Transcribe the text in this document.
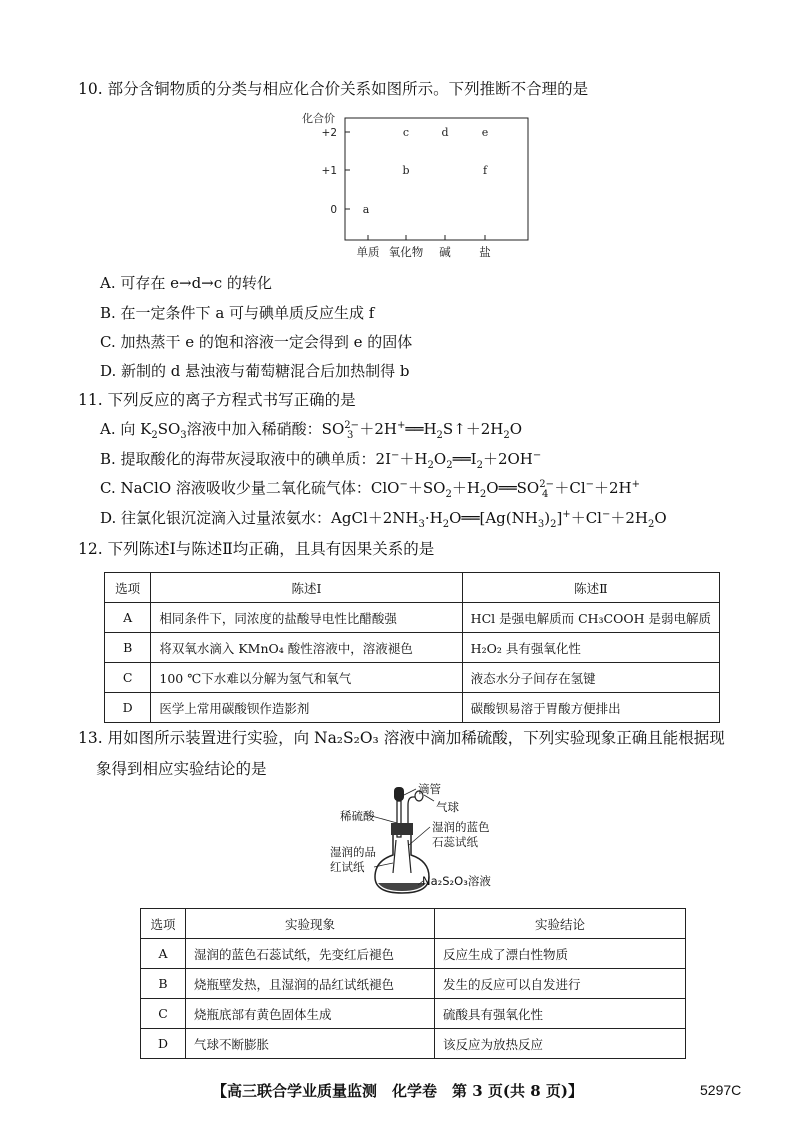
10. 部分含铜物质的分类与相应化合价关系如图所示。下列推断不合理的是
化合价
+2
+1
0
单质 氧化物 碱 盐
a
b
c	d	e
f
A. 可存在 e→d→c 的转化
B. 在一定条件下 a 可与碘单质反应生成 f
C. 加热蒸干 e 的饱和溶液一定会得到 e 的固体
D. 新制的 d 悬浊液与葡萄糖混合后加热制得 b
11. 下列反应的离子方程式书写正确的是
A. 向 $K_2SO_3$溶液中加入稀硝酸：$SO^{2-}_3$ $+2H^+══H_2S↑+2H_2O$
B. 提取酸化的海带灰浸取液中的碘单质：$2I^-+H_2O_2══I_2+2OH^-$
C. NaClO 溶液吸收少量二氧化硫气体：$ClO^-+SO_2+H_2O══SO^{2-}_4 +Cl^-+2H^+$
D. 往氯化银沉淀滴入过量浓氨水：$AgCl+2NH_3\cdot H_2O══[Ag(NH_3)_2]^++Cl^-+2H_2O$
12. 下列陈述Ⅰ与陈述Ⅱ均正确，且具有因果关系的是
选项	陈述Ⅰ	陈述Ⅱ
A	相同条件下，同浓度的盐酸导电性比醋酸强	HCl 是强电解质而 CH₃COOH 是弱电解质
B	将双氧水滴入 KMnO₄ 酸性溶液中，溶液褪色	H₂O₂ 具有强氧化性
C	100 ℃下水难以分解为氢气和氧气	液态水分子间存在氢键
D	医学上常用碳酸钡作造影剂	碳酸钡易溶于胃酸方便排出
13. 用如图所示装置进行实验，向 Na₂S₂O₃ 溶液中滴加稀硫酸，下列实验现象正确且能根据现
象得到相应实验结论的是
滴管
气球
稀硫酸
湿润的蓝色
石蕊试纸
湿润的品
红试纸
Na₂S₂O₃溶液
选项	实验现象	实验结论
A	湿润的蓝色石蕊试纸，先变红后褪色	反应生成了漂白性物质
B	烧瓶壁发热，且湿润的品红试纸褪色	发生的反应可以自发进行
C	烧瓶底部有黄色固体生成	硫酸具有强氧化性
D	气球不断膨胀	该反应为放热反应
【高三联合学业质量监测　化学卷　第 3 页(共 8 页)】	5297C
